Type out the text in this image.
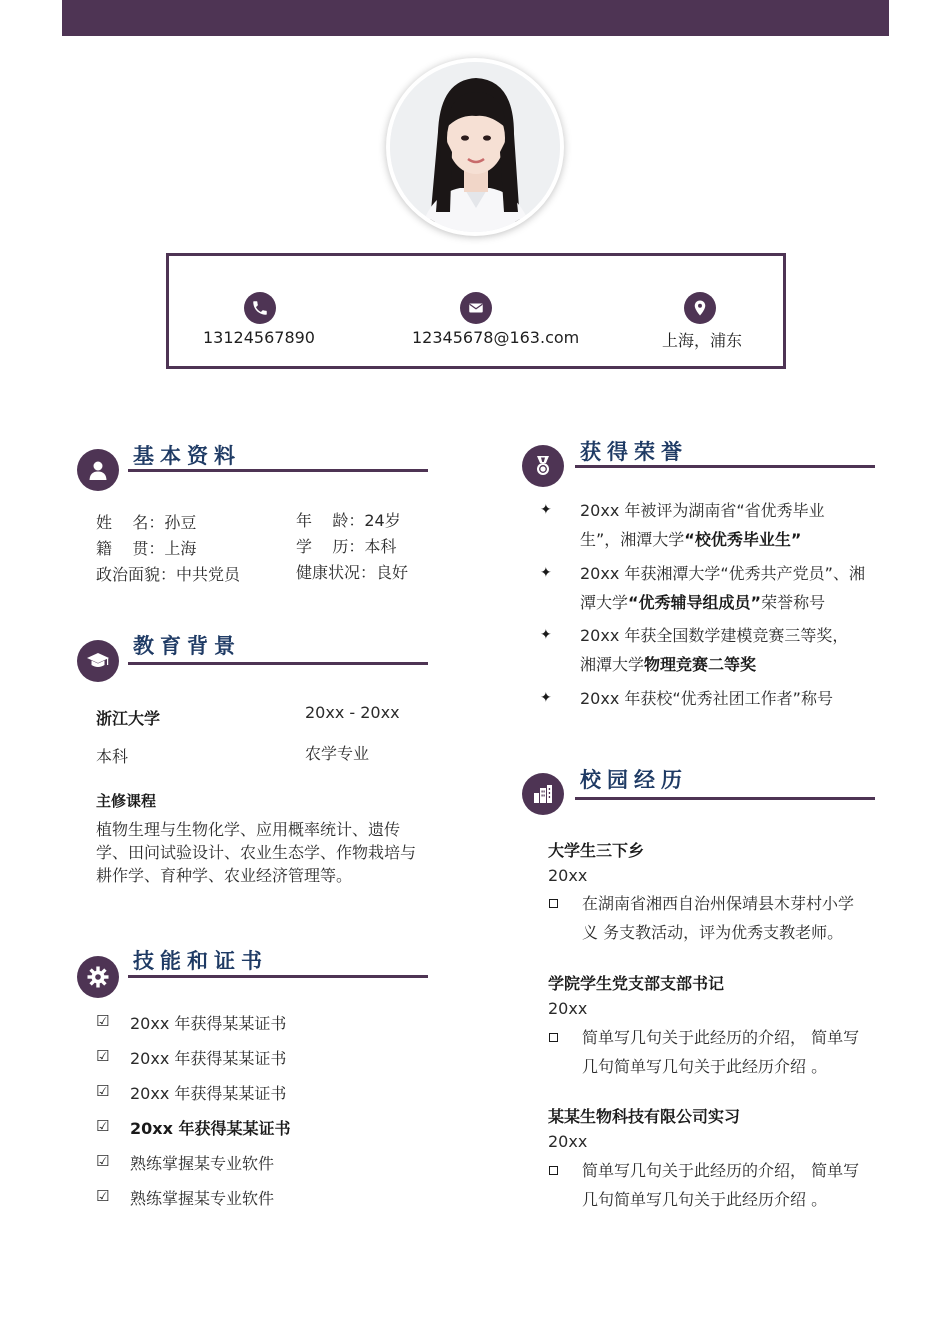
13124567890	12345678@163.com	上海，浦东
基本资料
姓    名：孙豆	年    龄：24岁
籍    贯：上海	学    历：本科
政治面貌：中共党员	健康状况：良好
教育背景
浙江大学	20xx - 20xx
本科	农学专业
主修课程
植物生理与生物化学、应用概率统计、遗传学、田问试验设计、农业生态学、作物栽培与耕作学、育种学、农业经济管理等。
技能和证书
☑ 20xx 年获得某某证书
☑ 20xx 年获得某某证书
☑ 20xx 年获得某某证书
☑ 20xx 年获得某某证书
☑ 熟练掌握某专业软件
☑ 熟练掌握某专业软件
获得荣誉
✦ 20xx 年被评为湖南省“省优秀毕业生”，湘潭大学“校优秀毕业生”
✦ 20xx 年获湘潭大学“优秀共产党员”、湘潭大学“优秀辅导组成员”荣誉称号
✦ 20xx 年获全国数学建模竞赛三等奖，湘潭大学物理竞赛二等奖
✦ 20xx 年获校“优秀社团工作者”称号
校园经历
大学生三下乡
20xx
在湖南省湘西自治州保靖县木芽村小学义 务支教活动，评为优秀支教老师。
学院学生党支部支部书记
20xx
简单写几句关于此经历的介绍， 简单写几句简单写几句关于此经历介绍 。
某某生物科技有限公司实习
20xx
简单写几句关于此经历的介绍， 简单写几句简单写几句关于此经历介绍 。
